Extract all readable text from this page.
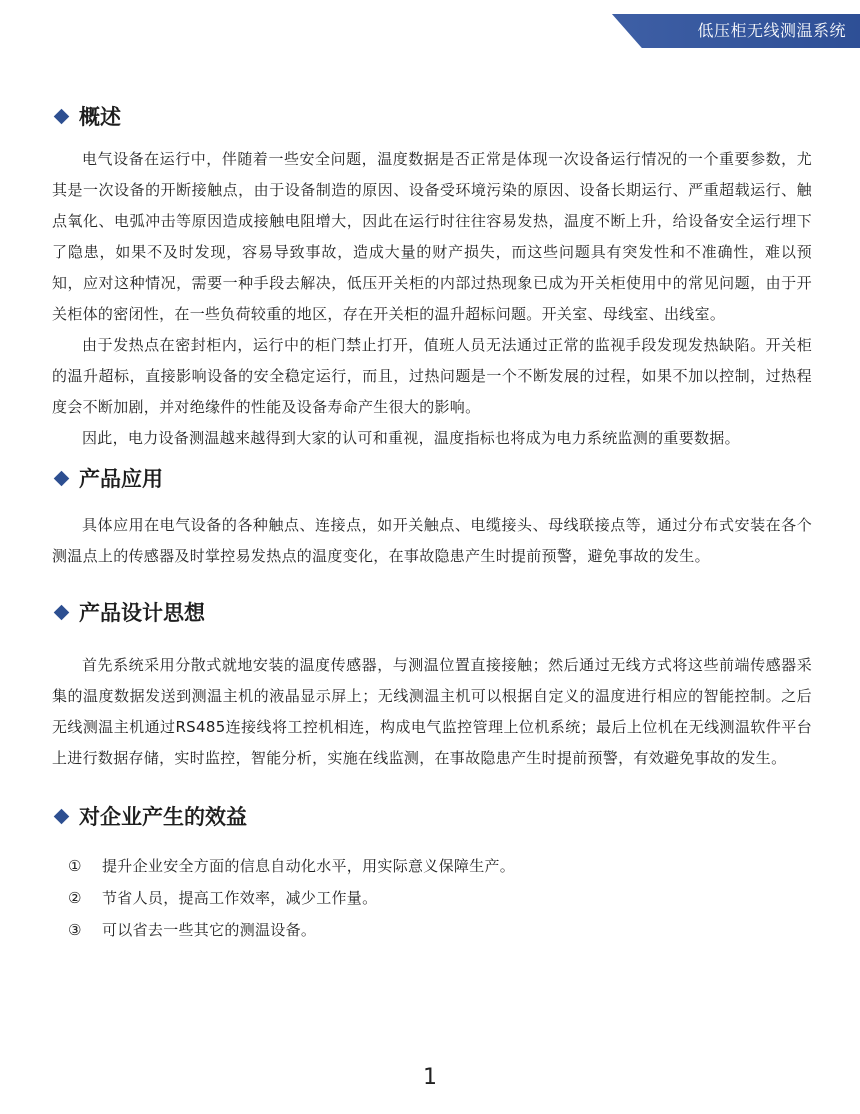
低压柜无线测温系统
概述

电气设备在运行中，伴随着一些安全问题，温度数据是否正常是体现一次设备运行情况的一个重要参数，尤其是一次设备的开断接触点，由于设备制造的原因、设备受环境污染的原因、设备长期运行、严重超载运行、触点氧化、电弧冲击等原因造成接触电阻增大，因此在运行时往往容易发热，温度不断上升，给设备安全运行埋下了隐患，如果不及时发现，容易导致事故，造成大量的财产损失，而这些问题具有突发性和不准确性，难以预知，应对这种情况，需要一种手段去解决，低压开关柜的内部过热现象已成为开关柜使用中的常见问题，由于开关柜体的密闭性，在一些负荷较重的地区，存在开关柜的温升超标问题。开关室、母线室、出线室。

由于发热点在密封柜内，运行中的柜门禁止打开，值班人员无法通过正常的监视手段发现发热缺陷。开关柜的温升超标，直接影响设备的安全稳定运行，而且，过热问题是一个不断发展的过程，如果不加以控制，过热程度会不断加剧，并对绝缘件的性能及设备寿命产生很大的影响。

因此，电力设备测温越来越得到大家的认可和重视，温度指标也将成为电力系统监测的重要数据。

产品应用

具体应用在电气设备的各种触点、连接点，如开关触点、电缆接头、母线联接点等，通过分布式安装在各个测温点上的传感器及时掌控易发热点的温度变化，在事故隐患产生时提前预警，避免事故的发生。

产品设计思想

首先系统采用分散式就地安装的温度传感器，与测温位置直接接触；然后通过无线方式将这些前端传感器采集的温度数据发送到测温主机的液晶显示屏上；无线测温主机可以根据自定义的温度进行相应的智能控制。之后无线测温主机通过RS485连接线将工控机相连，构成电气监控管理上位机系统；最后上位机在无线测温软件平台上进行数据存储，实时监控，智能分析，实施在线监测，在事故隐患产生时提前预警，有效避免事故的发生。

对企业产生的效益
①	提升企业安全方面的信息自动化水平，用实际意义保障生产。
②	节省人员，提高工作效率，减少工作量。
③	可以省去一些其它的测温设备。
1
